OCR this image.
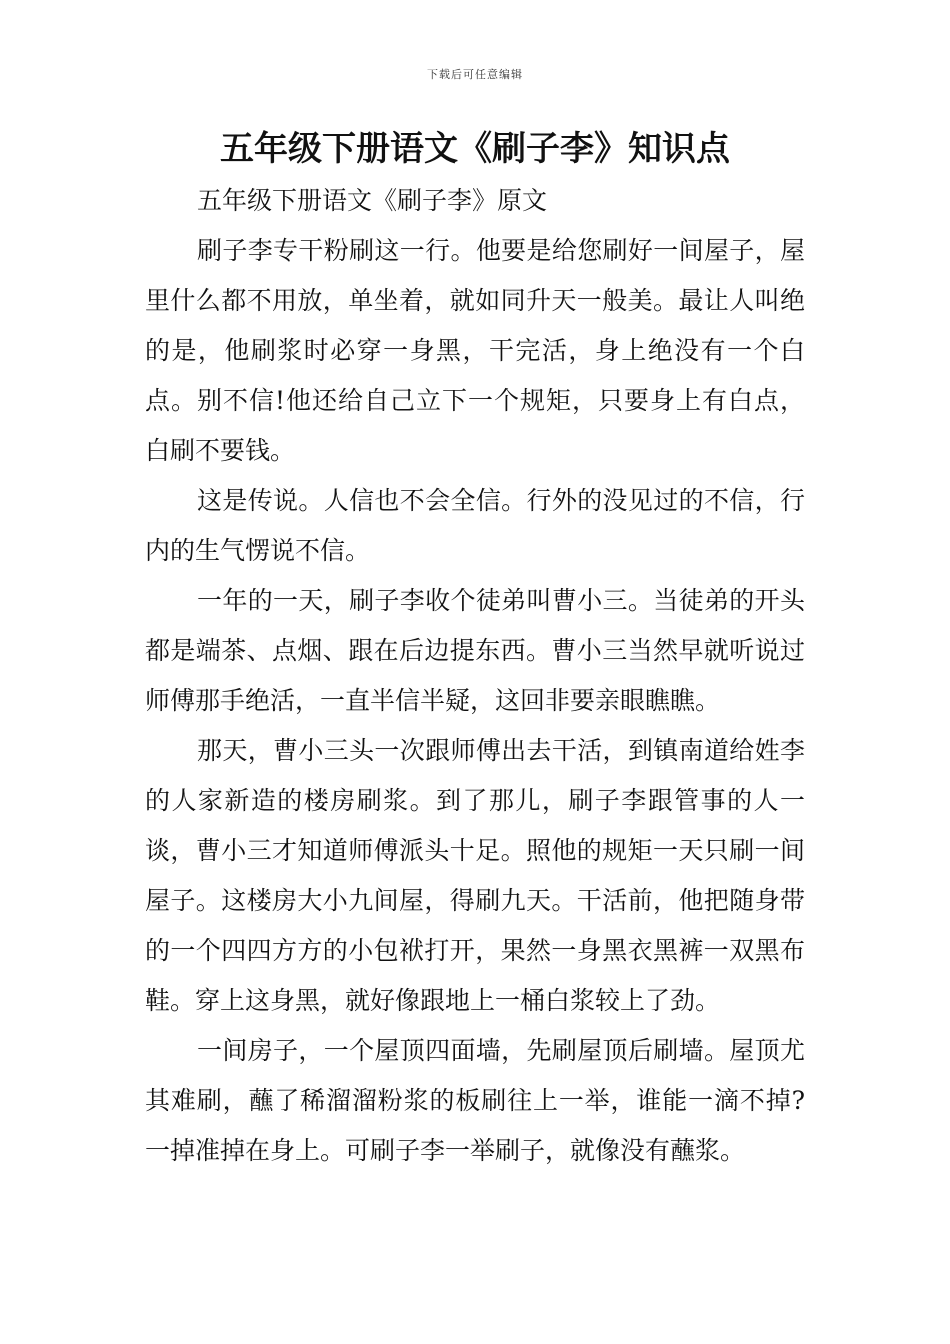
下载后可任意编辑
五年级下册语文《刷子李》知识点

五年级下册语文《刷子李》原文

刷子李专干粉刷这一行。他要是给您刷好一间屋子，屋里什么都不用放，单坐着，就如同升天一般美。最让人叫绝的是，他刷浆时必穿一身黑，干完活，身上绝没有一个白点。别不信!他还给自己立下一个规矩，只要身上有白点，白刷不要钱。

这是传说。人信也不会全信。行外的没见过的不信，行内的生气愣说不信。

一年的一天，刷子李收个徒弟叫曹小三。当徒弟的开头都是端茶、点烟、跟在后边提东西。曹小三当然早就听说过师傅那手绝活，一直半信半疑，这回非要亲眼瞧瞧。

那天，曹小三头一次跟师傅出去干活，到镇南道给姓李的人家新造的楼房刷浆。到了那儿，刷子李跟管事的人一谈，曹小三才知道师傅派头十足。照他的规矩一天只刷一间屋子。这楼房大小九间屋，得刷九天。干活前，他把随身带的一个四四方方的小包袱打开，果然一身黑衣黑裤一双黑布鞋。穿上这身黑，就好像跟地上一桶白浆较上了劲。

一间房子，一个屋顶四面墙，先刷屋顶后刷墙。屋顶尤其难刷，蘸了稀溜溜粉浆的板刷往上一举，谁能一滴不掉?一掉准掉在身上。可刷子李一举刷子，就像没有蘸浆。
